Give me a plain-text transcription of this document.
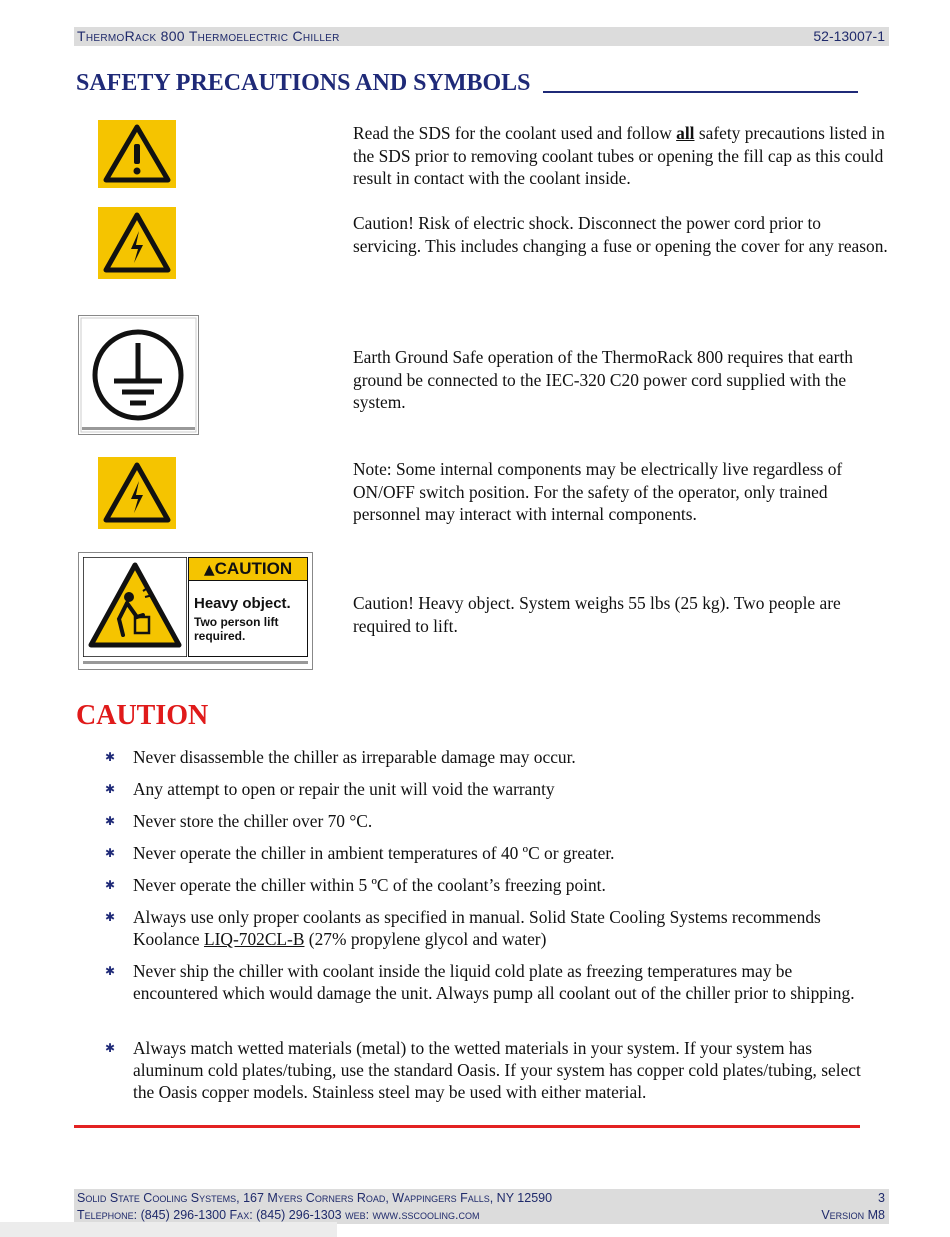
ThermoRack 800 Thermoelectric Chiller	52-13007-1
SAFETY PRECAUTIONS AND SYMBOLS

Read the SDS for the coolant used and follow all safety precautions listed in the SDS prior to removing coolant tubes or opening the fill cap as this could result in contact with the coolant inside.

Caution! Risk of electric shock. Disconnect the power cord prior to servicing. This includes changing a fuse or opening the cover for any reason.

Earth Ground Safe operation of the ThermoRack 800 requires that earth ground be connected to the IEC-320 C20 power cord supplied with the system.

Note: Some internal components may be electrically live regardless of ON/OFF switch position. For the safety of the operator, only trained personnel may interact with internal components.

▲CAUTION
Heavy object.
Two person lift
required.

Caution! Heavy object. System weighs 55 lbs (25 kg). Two people are required to lift.

CAUTION
✱ Never disassemble the chiller as irreparable damage may occur.
✱ Any attempt to open or repair the unit will void the warranty
✱ Never store the chiller over 70 °C.
✱ Never operate the chiller in ambient temperatures of 40 ºC or greater.
✱ Never operate the chiller within 5 ºC of the coolant’s freezing point.
✱ Always use only proper coolants as specified in manual. Solid State Cooling Systems recommends Koolance LIQ-702CL-B (27% propylene glycol and water)
✱ Never ship the chiller with coolant inside the liquid cold plate as freezing temperatures may be encountered which would damage the unit. Always pump all coolant out of the chiller prior to shipping.
✱ Always match wetted materials (metal) to the wetted materials in your system. If your system has aluminum cold plates/tubing, use the standard Oasis. If your system has copper cold plates/tubing, select the Oasis copper models. Stainless steel may be used with either material.
Solid State Cooling Systems, 167 Myers Corners Road, Wappingers Falls, NY 12590
Telephone: (845) 296-1300 Fax: (845) 296-1303 web: www.sscooling.com
3
Version M8
